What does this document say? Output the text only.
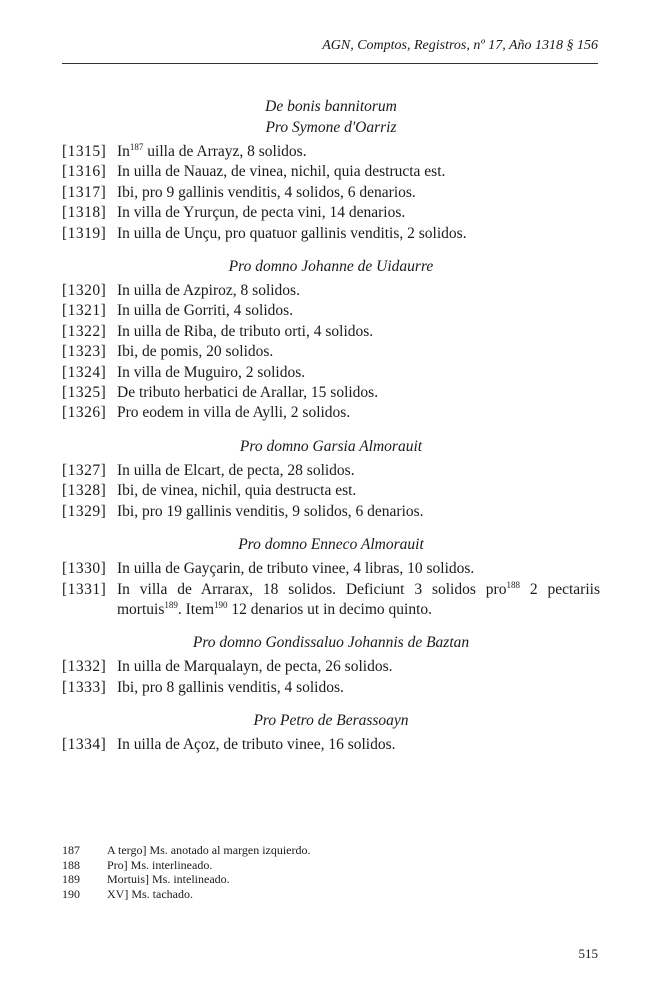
AGN, Comptos, Registros, nº 17, Año 1318 § 156
De bonis bannitorum
Pro Symone d'Oarriz
[1315] In$^{187}$ uilla de Arrayz, 8 solidos.
[1316] In uilla de Nauaz, de vinea, nichil, quia destructa est.
[1317] Ibi, pro 9 gallinis venditis, 4 solidos, 6 denarios.
[1318] In villa de Yrurçun, de pecta vini, 14 denarios.
[1319] In uilla de Unçu, pro quatuor gallinis venditis, 2 solidos.
Pro domno Johanne de Uidaurre
[1320] In uilla de Azpiroz, 8 solidos.
[1321] In uilla de Gorriti, 4 solidos.
[1322] In uilla de Riba, de tributo orti, 4 solidos.
[1323] Ibi, de pomis, 20 solidos.
[1324] In villa de Muguiro, 2 solidos.
[1325] De tributo herbatici de Arallar, 15 solidos.
[1326] Pro eodem in villa de Aylli, 2 solidos.
Pro domno Garsia Almorauit
[1327] In uilla de Elcart, de pecta, 28 solidos.
[1328] Ibi, de vinea, nichil, quia destructa est.
[1329] Ibi, pro 19 gallinis venditis, 9 solidos, 6 denarios.
Pro domno Enneco Almorauit
[1330] In uilla de Gayçarin, de tributo vinee, 4 libras, 10 solidos.
[1331] In villa de Arrarax, 18 solidos. Deficiunt 3 solidos pro$^{188}$ 2 pectariis mortuis$^{189}$. Item$^{190}$ 12 denarios ut in decimo quinto.
Pro domno Gondissaluo Johannis de Baztan
[1332] In uilla de Marqualayn, de pecta, 26 solidos.
[1333] Ibi, pro 8 gallinis venditis, 4 solidos.
Pro Petro de Berassoayn
[1334] In uilla de Açoz, de tributo vinee, 16 solidos.
187	A tergo] Ms. anotado al margen izquierdo.
188	Pro] Ms. interlineado.
189	Mortuis] Ms. intelineado.
190	XV] Ms. tachado.
515
